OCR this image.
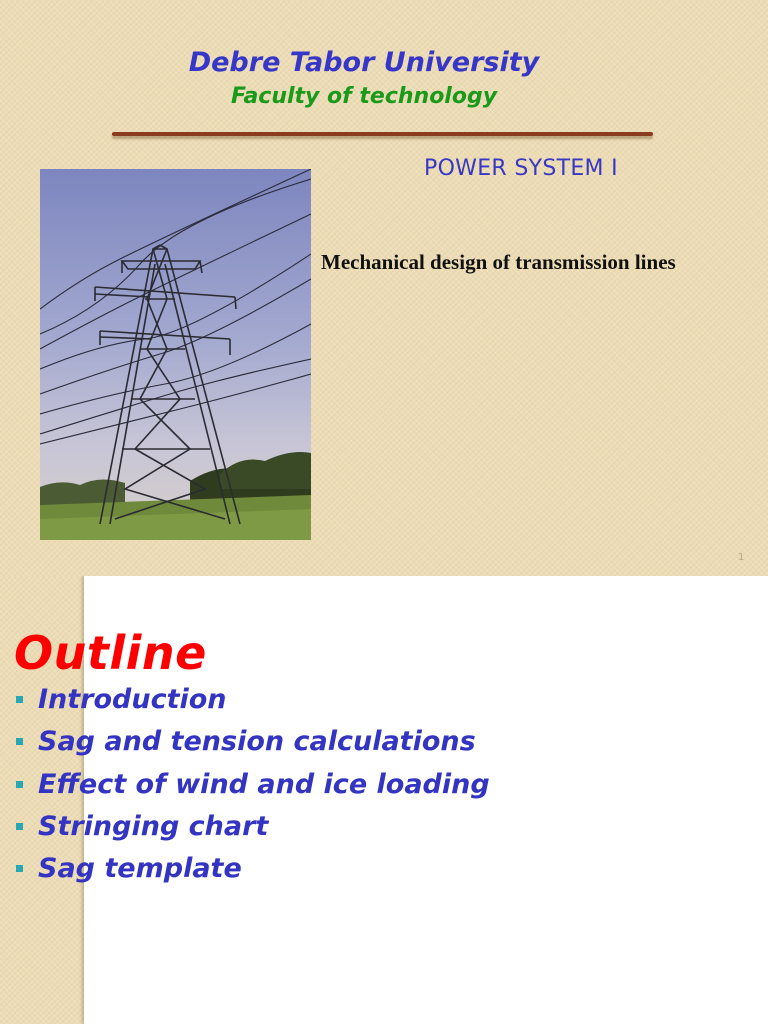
Debre Tabor University
Faculty of technology
POWER SYSTEM I
Mechanical design of transmission lines
1
Outline
Introduction
Sag and tension calculations
Effect of wind and ice loading
Stringing chart
Sag template
